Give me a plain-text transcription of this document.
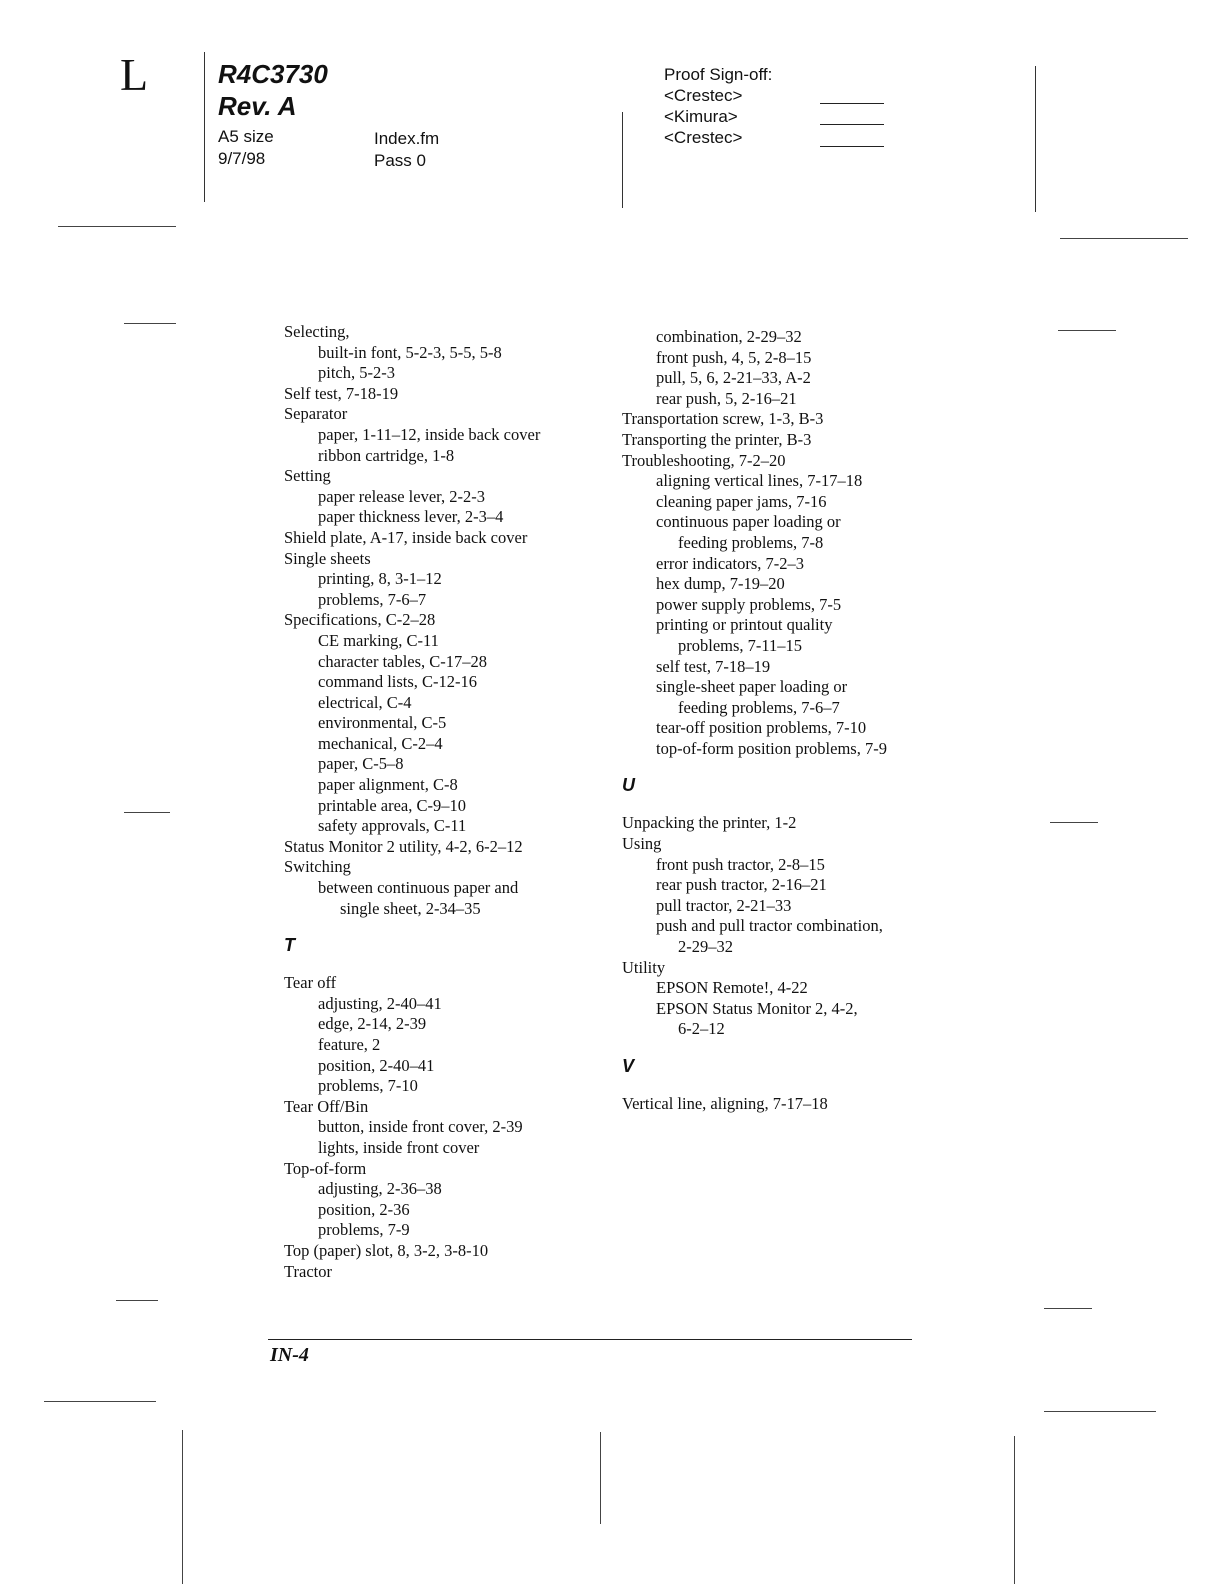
L	R4C3730
Rev. A
A5 size
9/7/98
Index.fm
Pass 0
Proof Sign-off:
<Crestec>
<Kimura>
<Crestec>
Selecting,
built-in font, 5-2-3, 5-5, 5-8
pitch, 5-2-3
Self test, 7-18-19
Separator
paper, 1-11–12, inside back cover
ribbon cartridge, 1-8
Setting
paper release lever, 2-2-3
paper thickness lever, 2-3–4
Shield plate, A-17, inside back cover
Single sheets
printing, 8, 3-1–12
problems, 7-6–7
Specifications, C-2–28
CE marking, C-11
character tables, C-17–28
command lists, C-12-16
electrical, C-4
environmental, C-5
mechanical, C-2–4
paper, C-5–8
paper alignment, C-8
printable area, C-9–10
safety approvals, C-11
Status Monitor 2 utility, 4-2, 6-2–12
Switching
between continuous paper and
single sheet, 2-34–35
T
Tear off
adjusting, 2-40–41
edge, 2-14, 2-39
feature, 2
position, 2-40–41
problems, 7-10
Tear Off/Bin
button, inside front cover, 2-39
lights, inside front cover
Top-of-form
adjusting, 2-36–38
position, 2-36
problems, 7-9
Top (paper) slot, 8, 3-2, 3-8-10
Tractor
combination, 2-29–32
front push, 4, 5, 2-8–15
pull, 5, 6, 2-21–33, A-2
rear push, 5, 2-16–21
Transportation screw, 1-3, B-3
Transporting the printer, B-3
Troubleshooting, 7-2–20
aligning vertical lines, 7-17–18
cleaning paper jams, 7-16
continuous paper loading or
feeding problems, 7-8
error indicators, 7-2–3
hex dump, 7-19–20
power supply problems, 7-5
printing or printout quality
problems, 7-11–15
self test, 7-18–19
single-sheet paper loading or
feeding problems, 7-6–7
tear-off position problems, 7-10
top-of-form position problems, 7-9
U
Unpacking the printer, 1-2
Using
front push tractor, 2-8–15
rear push tractor, 2-16–21
pull tractor, 2-21–33
push and pull tractor combination,
2-29–32
Utility
EPSON Remote!, 4-22
EPSON Status Monitor 2, 4-2,
6-2–12
V
Vertical line, aligning, 7-17–18
IN-4
